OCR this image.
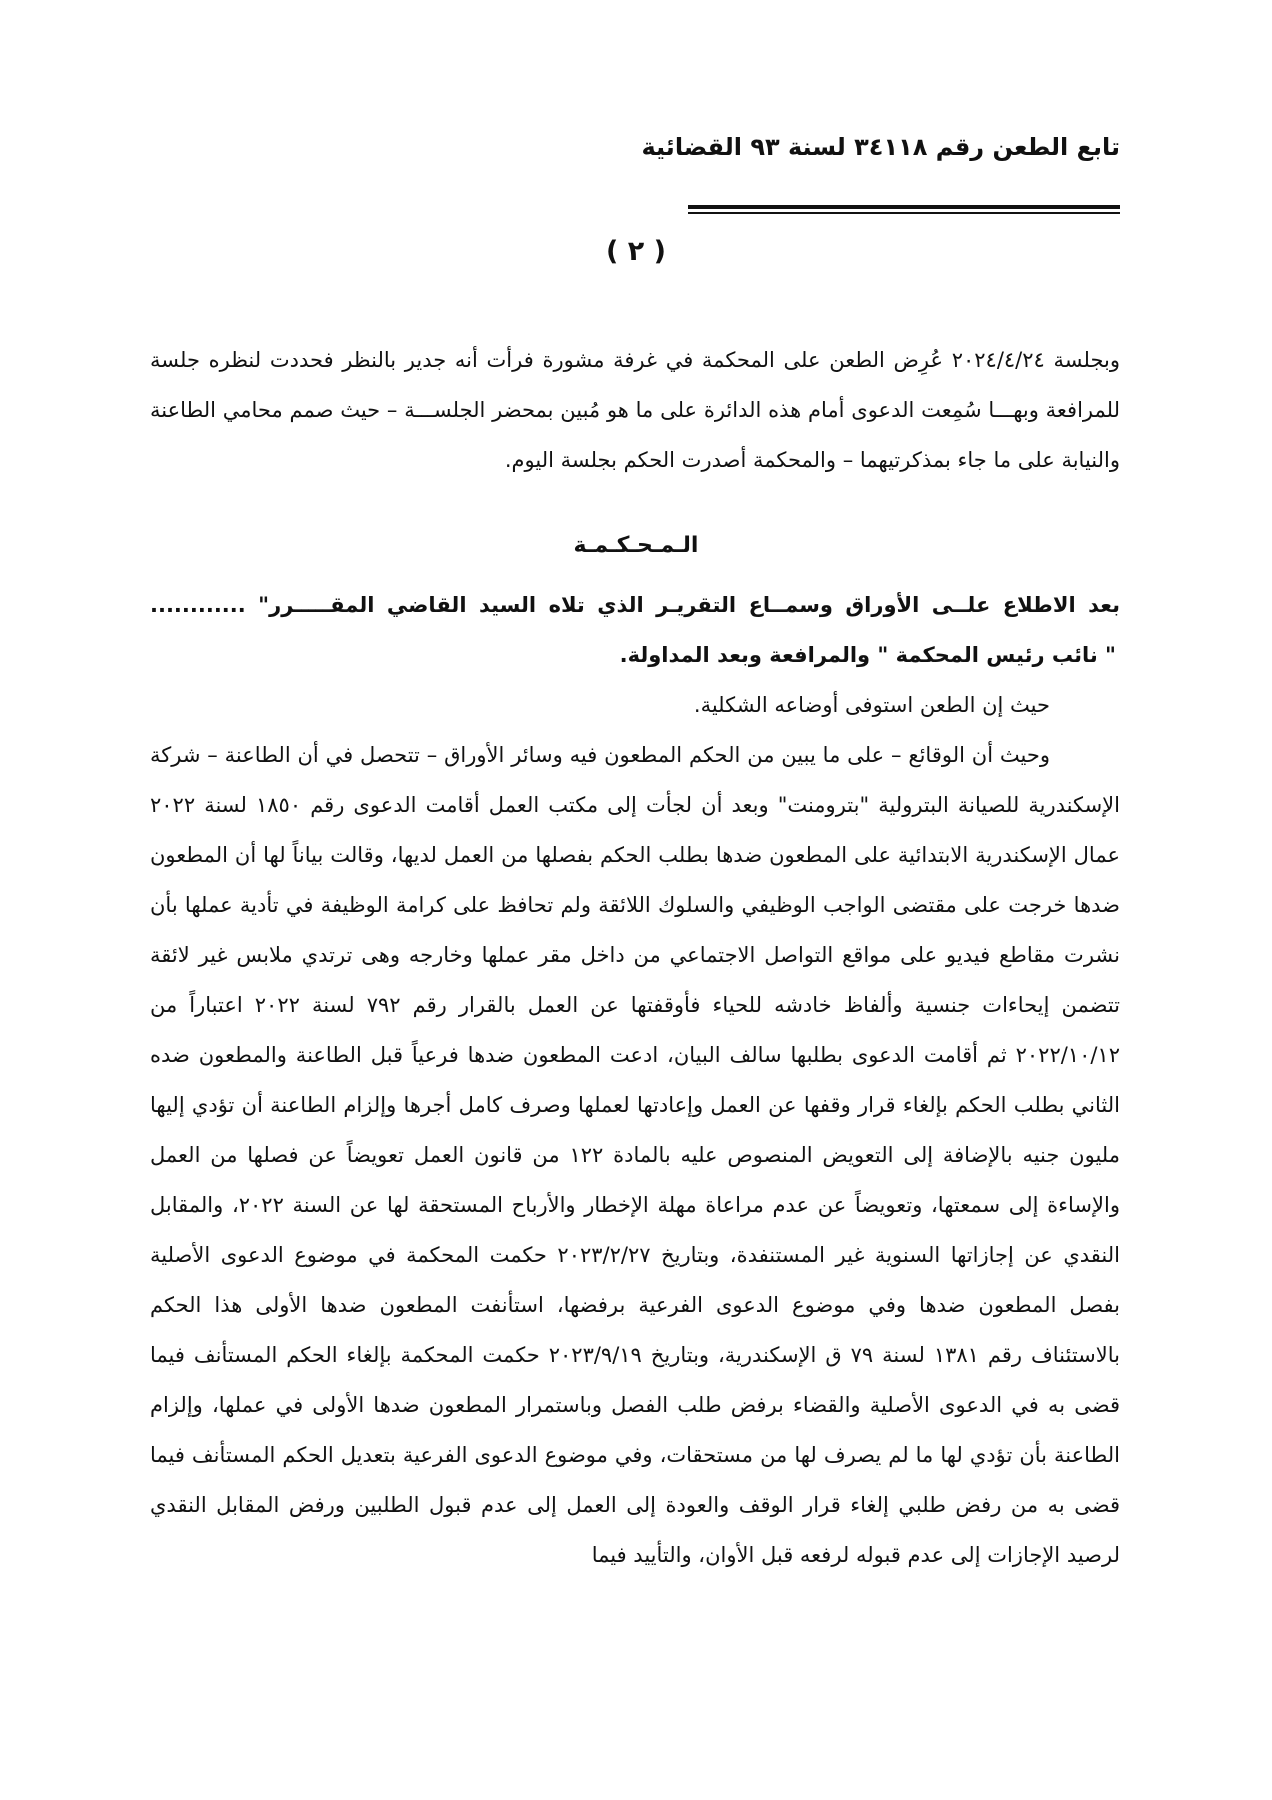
تابع الطعن رقم ٣٤١١٨ لسنة ٩٣ القضائية
( ٢ )

وبجلسة ٢٠٢٤/٤/٢٤ عُرِض الطعن على المحكمة في غرفة مشورة فرأت أنه جدير بالنظر فحددت لنظره جلسة للمرافعة وبهـــا سُمِعت الدعوى أمام هذه الدائرة على ما هو مُبين بمحضر الجلســـة – حيث صمم محامي الطاعنة والنيابة على ما جاء بمذكرتيهما – والمحكمة أصدرت الحكم بجلسة اليوم.

الـمـحـكـمـة

بعد الاطلاع علــى الأوراق وسمــاع التقريـر الذي تلاه السيد القاضي المقـــــرر" ............

" نائب رئيس المحكمة " والمرافعة وبعد المداولة.

حيث إن الطعن استوفى أوضاعه الشكلية.

وحيث أن الوقائع – على ما يبين من الحكم المطعون فيه وسائر الأوراق – تتحصل في أن الطاعنة – شركة الإسكندرية للصيانة البترولية "بترومنت" وبعد أن لجأت إلى مكتب العمل أقامت الدعوى رقم ١٨٥٠ لسنة ٢٠٢٢ عمال الإسكندرية الابتدائية على المطعون ضدها بطلب الحكم بفصلها من العمل لديها، وقالت بياناً لها أن المطعون ضدها خرجت على مقتضى الواجب الوظيفي والسلوك اللائقة ولم تحافظ على كرامة الوظيفة في تأدية عملها بأن نشرت مقاطع فيديو على مواقع التواصل الاجتماعي من داخل مقر عملها وخارجه وهى ترتدي ملابس غير لائقة تتضمن إيحاءات جنسية وألفاظ خادشه للحياء فأوقفتها عن العمل بالقرار رقم ٧٩٢ لسنة ٢٠٢٢ اعتباراً من ٢٠٢٢/١٠/١٢ ثم أقامت الدعوى بطلبها سالف البيان، ادعت المطعون ضدها فرعياً قبل الطاعنة والمطعون ضده الثاني بطلب الحكم بإلغاء قرار وقفها عن العمل وإعادتها لعملها وصرف كامل أجرها وإلزام الطاعنة أن تؤدي إليها مليون جنيه بالإضافة إلى التعويض المنصوص عليه بالمادة ١٢٢ من قانون العمل تعويضاً عن فصلها من العمل والإساءة إلى سمعتها، وتعويضاً عن عدم مراعاة مهلة الإخطار والأرباح المستحقة لها عن السنة ٢٠٢٢، والمقابل النقدي عن إجازاتها السنوية غير المستنفدة، وبتاريخ ٢٠٢٣/٢/٢٧ حكمت المحكمة في موضوع الدعوى الأصلية بفصل المطعون ضدها وفي موضوع الدعوى الفرعية برفضها، استأنفت المطعون ضدها الأولى هذا الحكم بالاستئناف رقم ١٣٨١ لسنة ٧٩ ق الإسكندرية، وبتاريخ ٢٠٢٣/٩/١٩ حكمت المحكمة بإلغاء الحكم المستأنف فيما قضى به في الدعوى الأصلية والقضاء برفض طلب الفصل وباستمرار المطعون ضدها الأولى في عملها، وإلزام الطاعنة بأن تؤدي لها ما لم يصرف لها من مستحقات، وفي موضوع الدعوى الفرعية بتعديل الحكم المستأنف فيما قضى به من رفض طلبي إلغاء قرار الوقف والعودة إلى العمل إلى عدم قبول الطلبين ورفض المقابل النقدي لرصيد الإجازات إلى عدم قبوله لرفعه قبل الأوان، والتأييد فيما
